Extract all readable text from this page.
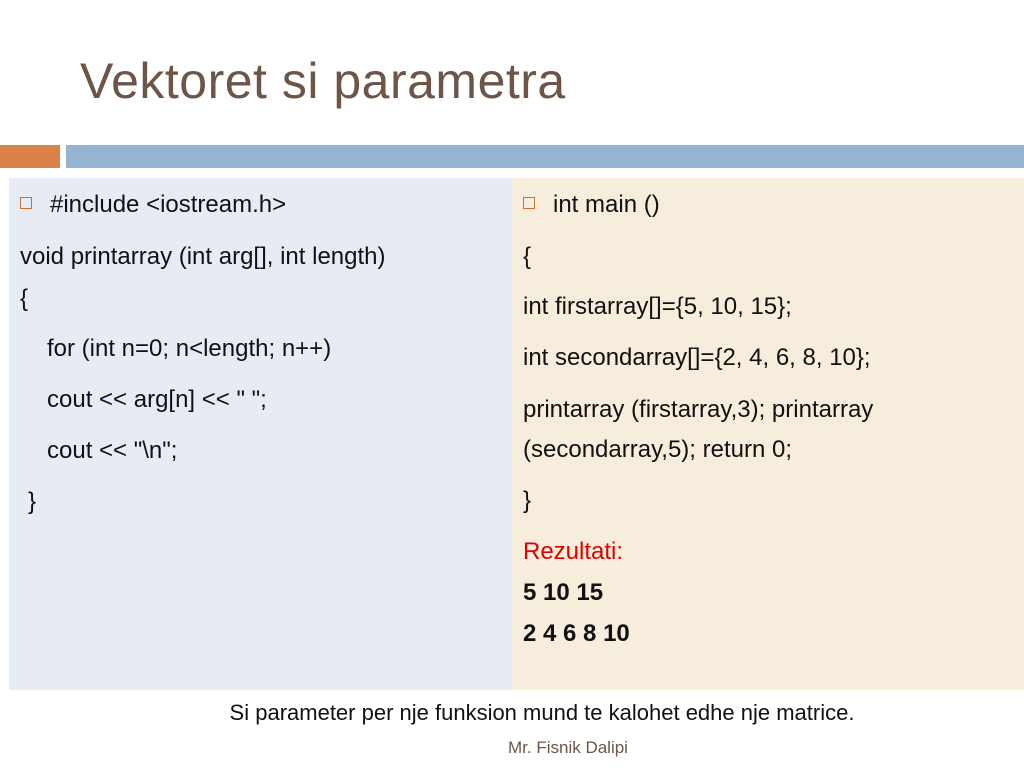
Vektoret si parametra
#include <iostream.h>
void printarray (int arg[], int length)
{
for (int n=0; n<length; n++)
cout << arg[n] << " ";
cout << "\n";
}
int main ()
{
int firstarray[]={5, 10, 15};
int secondarray[]={2, 4, 6, 8, 10};
printarray (firstarray,3); printarray
(secondarray,5); return 0;
}
Rezultati:
5 10 15
2 4 6 8 10
Si parameter per nje funksion mund te kalohet edhe nje matrice.
Mr. Fisnik Dalipi
